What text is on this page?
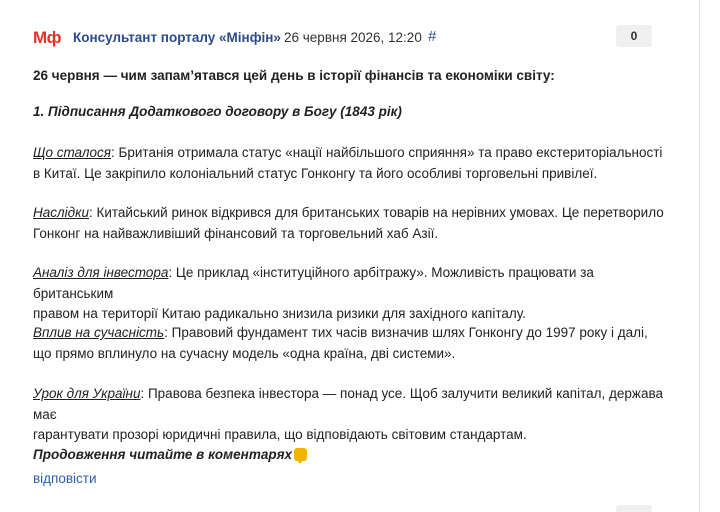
Мф Консультант порталу «Мінфін» 26 червня 2026, 12:20 #	0
26 червня — чим запам’ятався цей день в історії фінансів та економіки світу:
1. Підписання Додаткового договору в Богу (1843 рік)
Що сталося: Британія отримала статус «нації найбільшого сприяння» та право екстериторіальності
в Китаї. Це закріпило колоніальний статус Гонконгу та його особливі торговельні привілеї.
Наслідки: Китайський ринок відкрився для британських товарів на нерівних умовах. Це перетворило
Гонконг на найважливіший фінансовий та торговельний хаб Азії.
Аналіз для інвестора: Це приклад «інституційного арбітражу». Можливість працювати за британським
правом на території Китаю радикально знизила ризики для західного капіталу.
Вплив на сучасність: Правовий фундамент тих часів визначив шлях Гонконгу до 1997 року і далі,
що прямо вплинуло на сучасну модель «одна країна, дві системи».
Урок для України: Правова безпека інвестора — понад усе. Щоб залучити великий капітал, держава має
гарантувати прозорі юридичні правила, що відповідають світовим стандартам.
Продовження читайте в коментарях
відповісти
